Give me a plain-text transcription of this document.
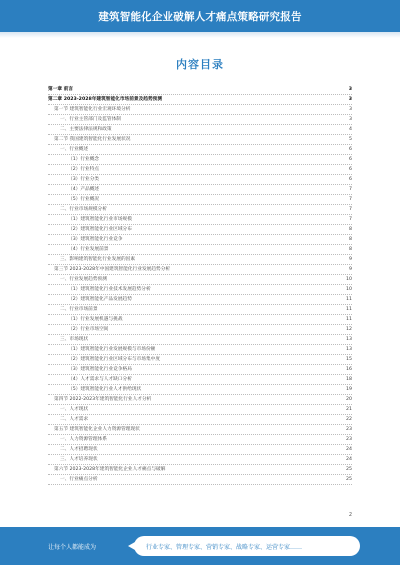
建筑智能化企业破解人才痛点策略研究报告
内容目录
第一章 前言	3
第二章 2023-2028年建筑智能化市场前景及趋势预测	3
第一节 建筑智能化行业宏观环境分析	3
一、行业主管部门及监管体制	3
二、主要法律法规和政策	4
第二节 我国建筑智能化行业发展状况	5
一、行业概述	6
（1）行业概念	6
（2）行业特点	6
（3）行业分类	6
（4）产品概述	7
（5）行业概况	7
二、行业市场规模分析	7
（1）建筑智能化行业市场规模	7
（2）建筑智能化行业区域分布	8
（3）建筑智能化行业竞争	8
（4）行业发展前景	8
三、影响建筑智能化行业发展的因素	9
第三节 2023-2028年中国建筑智能化行业发展趋势分析	9
一、行业发展趋势预测	10
（1）建筑智能化行业技术发展趋势分析	10
（2）建筑智能化产品发展趋势	11
二、行业市场前景	11
（1）行业发展机遇与挑战	11
（2）行业市场空间	12
三、市场现状	13
（1）建筑智能化行业发展规模与市场份额	13
（2）建筑智能化行业区域分布与市场集中度	15
（3）建筑智能化行业竞争格局	16
（4）人才需求与人才缺口分析	18
（5）建筑智能化行业人才供给现状	19
第四节 2022-2023年建筑智能化行业人才分析	20
一、人才现状	21
二、人才需求	22
第五节 建筑智能化企业人力资源管理现状	23
一、人力资源管理体系	23
二、人才招聘现状	24
三、人才培养现状	24
第六节 2023-2028年建筑智能化企业人才痛点与破解	25
一、行业痛点分析	25
2
让每个人都能成为	行业专家、管理专家、营销专家、战略专家、运营专家……
